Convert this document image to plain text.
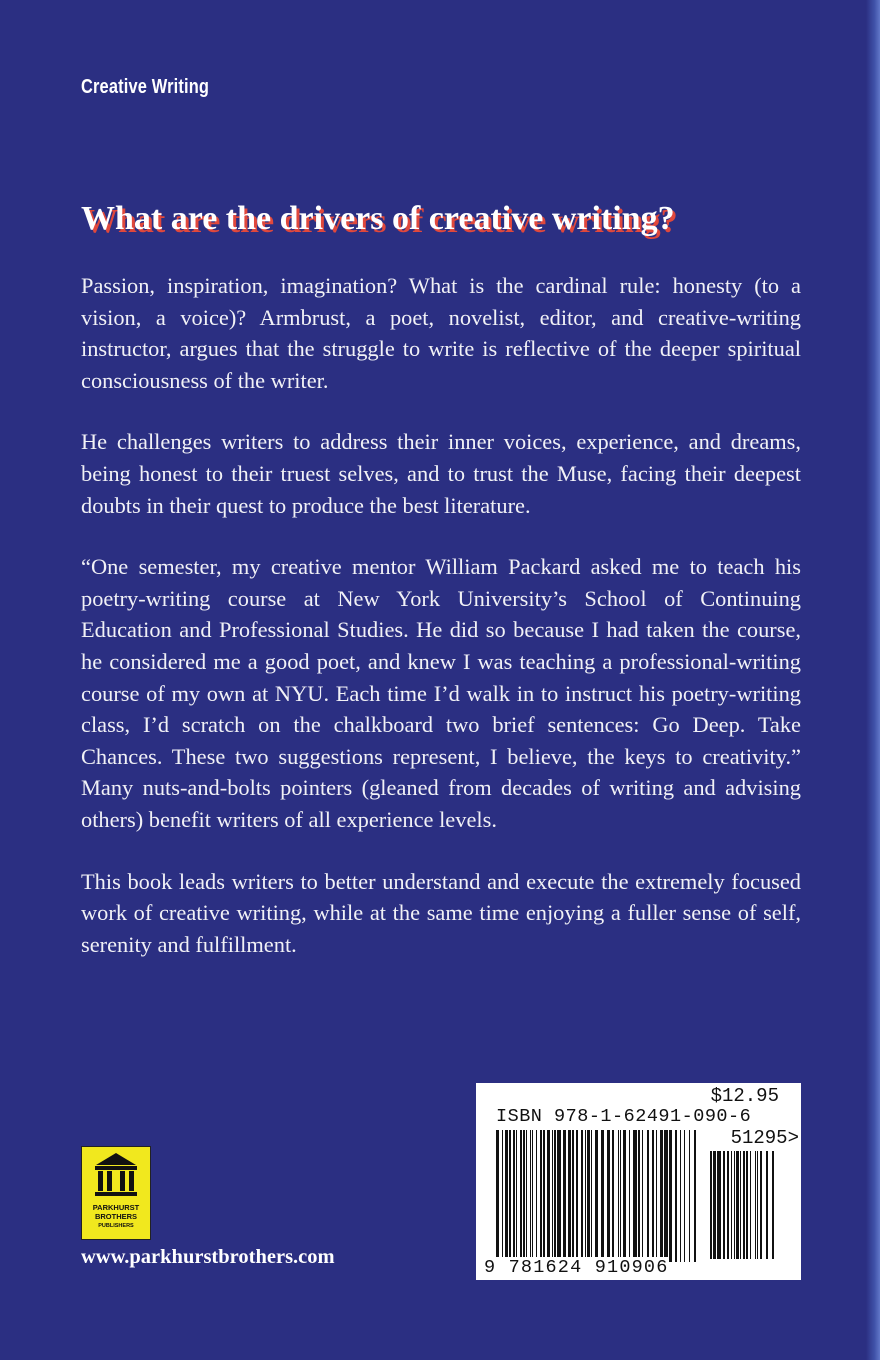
Creative Writing
What are the drivers of creative writing?

Passion, inspiration, imagination? What is the cardinal rule: honesty (to a vision, a voice)? Armbrust, a poet, novelist, editor, and creative-writing instructor, argues that the struggle to write is reflective of the deeper spiritual consciousness of the writer.

He challenges writers to address their inner voices, experience, and dreams, being honest to their truest selves, and to trust the Muse, facing their deepest doubts in their quest to produce the best literature.

“One semester, my creative mentor William Packard asked me to teach his poetry-writing course at New York University’s School of Continuing Education and Professional Studies. He did so because I had taken the course, he considered me a good poet, and knew I was teaching a professional-writing course of my own at NYU. Each time I’d walk in to instruct his poetry-writing class, I’d scratch on the chalkboard two brief sentences: Go Deep. Take Chances. These two suggestions represent, I believe, the keys to creativity.” Many nuts-and-bolts pointers (gleaned from decades of writing and advising others) benefit writers of all experience levels.

This book leads writers to better understand and execute the extremely focused work of creative writing, while at the same time enjoying a fuller sense of self, serenity and fulfillment.

PARKHURST
BROTHERS
PUBLISHERS
www.parkhurstbrothers.com
$12.95
ISBN 978-1-62491-090-6
51295>
9 781624 910906
